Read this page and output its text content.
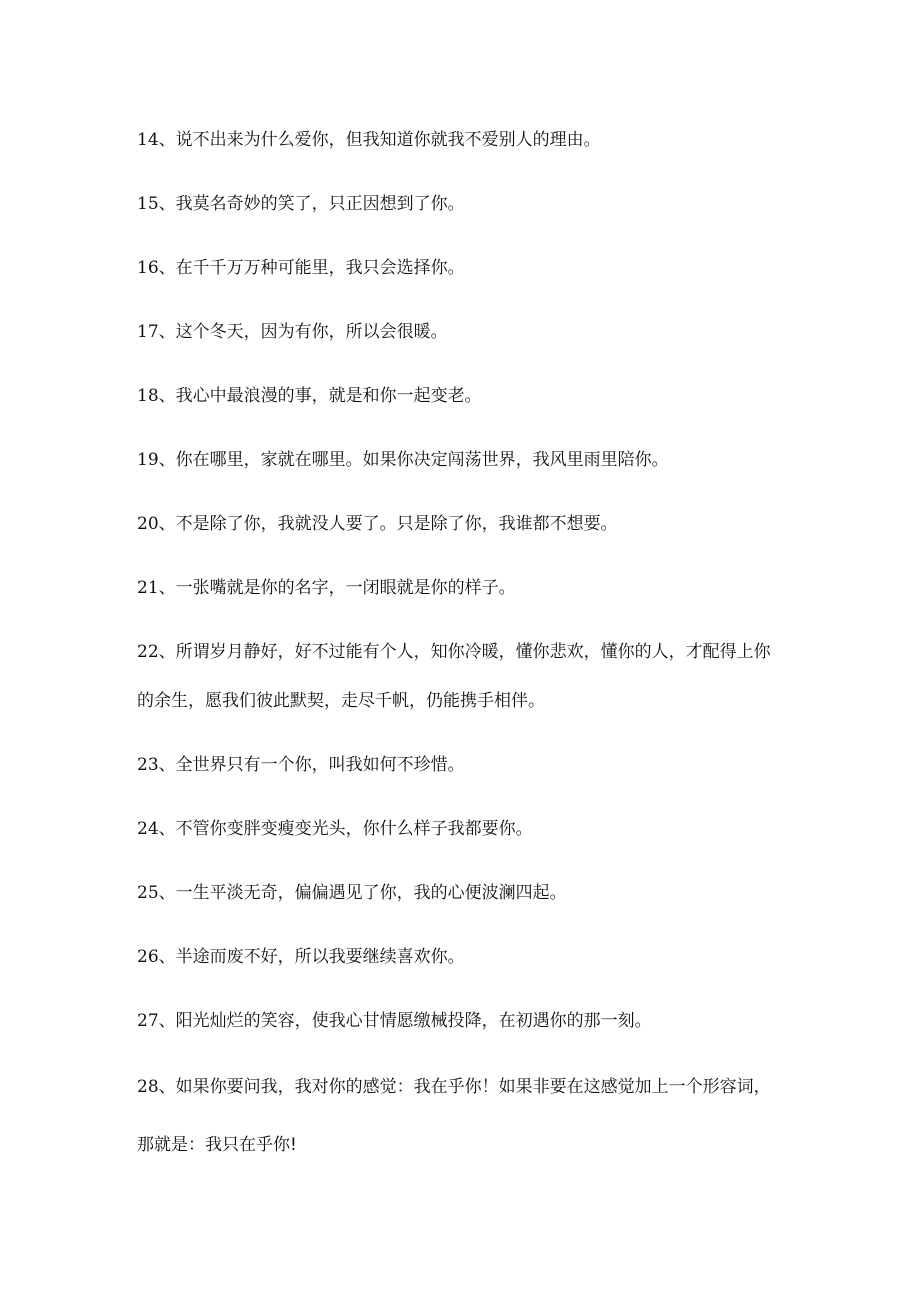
14、说不出来为什么爱你，但我知道你就我不爱别人的理由。

15、我莫名奇妙的笑了，只正因想到了你。

16、在千千万万种可能里，我只会选择你。

17、这个冬天，因为有你，所以会很暖。

18、我心中最浪漫的事，就是和你一起变老。

19、你在哪里，家就在哪里。如果你决定闯荡世界，我风里雨里陪你。

20、不是除了你，我就没人要了。只是除了你，我谁都不想要。

21、一张嘴就是你的名字，一闭眼就是你的样子。

22、所谓岁月静好，好不过能有个人，知你冷暖，懂你悲欢，懂你的人，才配得上你的余生，愿我们彼此默契，走尽千帆，仍能携手相伴。

23、全世界只有一个你，叫我如何不珍惜。

24、不管你变胖变瘦变光头，你什么样子我都要你。

25、一生平淡无奇，偏偏遇见了你，我的心便波澜四起。

26、半途而废不好，所以我要继续喜欢你。

27、阳光灿烂的笑容，使我心甘情愿缴械投降，在初遇你的那一刻。

28、如果你要问我，我对你的感觉：我在乎你！如果非要在这感觉加上一个形容词，那就是：我只在乎你!
